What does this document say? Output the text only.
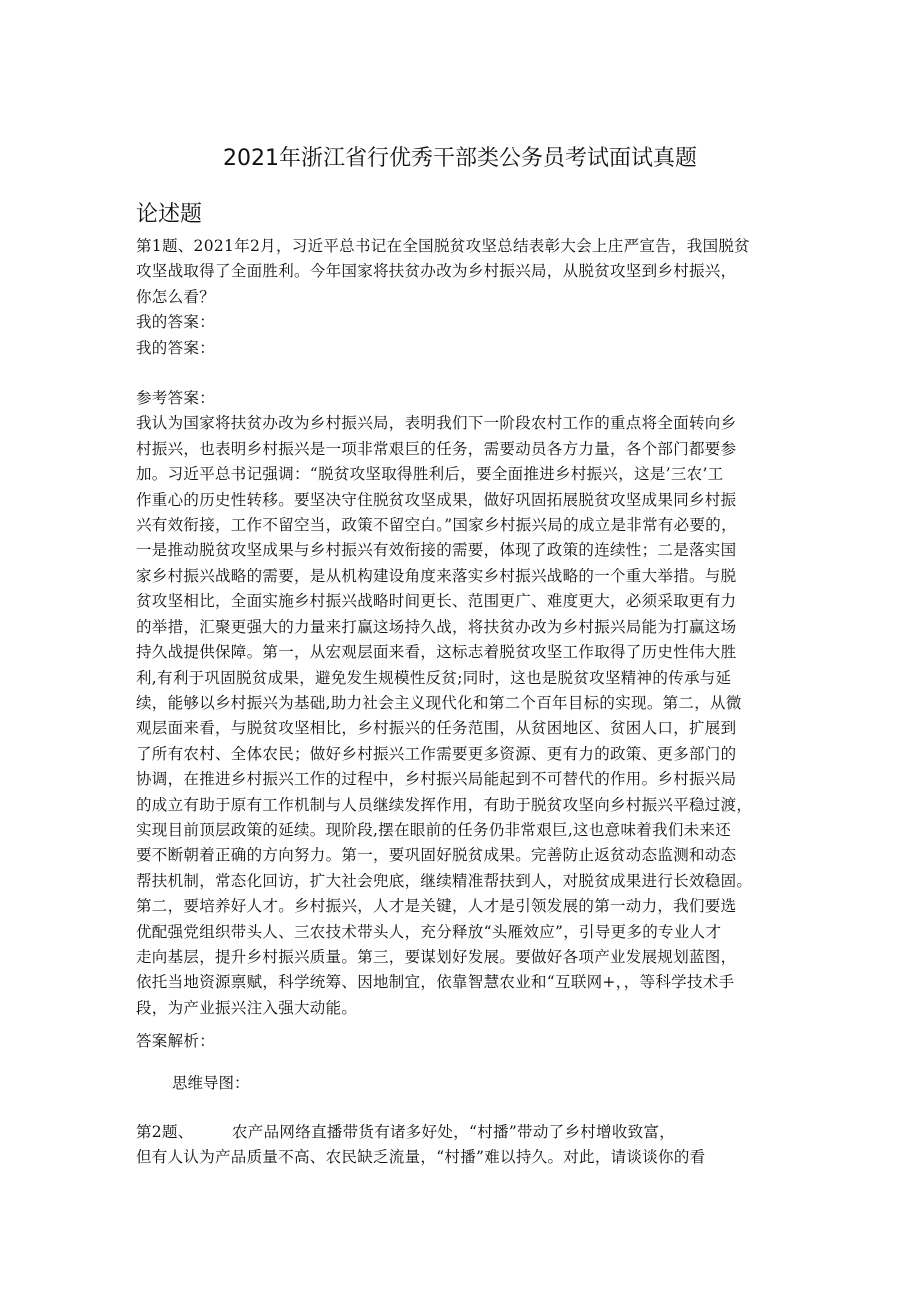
2021年浙江省行优秀干部类公务员考试面试真题
论述题
第1题、2021年2月，习近平总书记在全国脱贫攻坚总结表彰大会上庄严宣告，我国脱贫
攻坚战取得了全面胜利。今年国家将扶贫办改为乡村振兴局，从脱贫攻坚到乡村振兴，
你怎么看？
我的答案：
我的答案：
参考答案：
我认为国家将扶贫办改为乡村振兴局，表明我们下一阶段农村工作的重点将全面转向乡
村振兴，也表明乡村振兴是一项非常艰巨的任务，需要动员各方力量，各个部门都要参
加。习近平总书记强调：“脱贫攻坚取得胜利后，要全面推进乡村振兴，这是’三农’工
作重心的历史性转移。要坚决守住脱贫攻坚成果，做好巩固拓展脱贫攻坚成果同乡村振
兴有效衔接，工作不留空当，政策不留空白。”国家乡村振兴局的成立是非常有必要的，
一是推动脱贫攻坚成果与乡村振兴有效衔接的需要，体现了政策的连续性；二是落实国
家乡村振兴战略的需要，是从机构建设角度来落实乡村振兴战略的一个重大举措。与脱
贫攻坚相比，全面实施乡村振兴战略时间更长、范围更广、难度更大，必须采取更有力
的举措，汇聚更强大的力量来打赢这场持久战，将扶贫办改为乡村振兴局能为打赢这场
持久战提供保障。第一，从宏观层面来看，这标志着脱贫攻坚工作取得了历史性伟大胜
利,有利于巩固脱贫成果，避免发生规模性反贫;同时，这也是脱贫攻坚精神的传承与延
续，能够以乡村振兴为基础,助力社会主义现代化和第二个百年目标的实现。第二，从微
观层面来看，与脱贫攻坚相比，乡村振兴的任务范围，从贫困地区、贫困人口，扩展到
了所有农村、全体农民；做好乡村振兴工作需要更多资源、更有力的政策、更多部门的
协调，在推进乡村振兴工作的过程中，乡村振兴局能起到不可替代的作用。乡村振兴局
的成立有助于原有工作机制与人员继续发挥作用，有助于脱贫攻坚向乡村振兴平稳过渡，
实现目前顶层政策的延续。现阶段,摆在眼前的任务仍非常艰巨,这也意味着我们未来还
要不断朝着正确的方向努力。第一，要巩固好脱贫成果。完善防止返贫动态监测和动态
帮扶机制，常态化回访，扩大社会兜底，继续精准帮扶到人，对脱贫成果进行长效稳固。
第二，要培养好人才。乡村振兴，人才是关键，人才是引领发展的第一动力，我们要选
优配强党组织带头人、三农技术带头人，充分释放“头雁效应”，引导更多的专业人才
走向基层，提升乡村振兴质量。第三，要谋划好发展。要做好各项产业发展规划蓝图，
依托当地资源禀赋，科学统筹、因地制宜，依靠智慧农业和“互联网+，，等科学技术手
段，为产业振兴注入强大动能。
答案解析：
思维导图：
第2题、 农产品网络直播带货有诸多好处，“村播”带动了乡村增收致富，
但有人认为产品质量不高、农民缺乏流量，“村播”难以持久。对此，请谈谈你的看
